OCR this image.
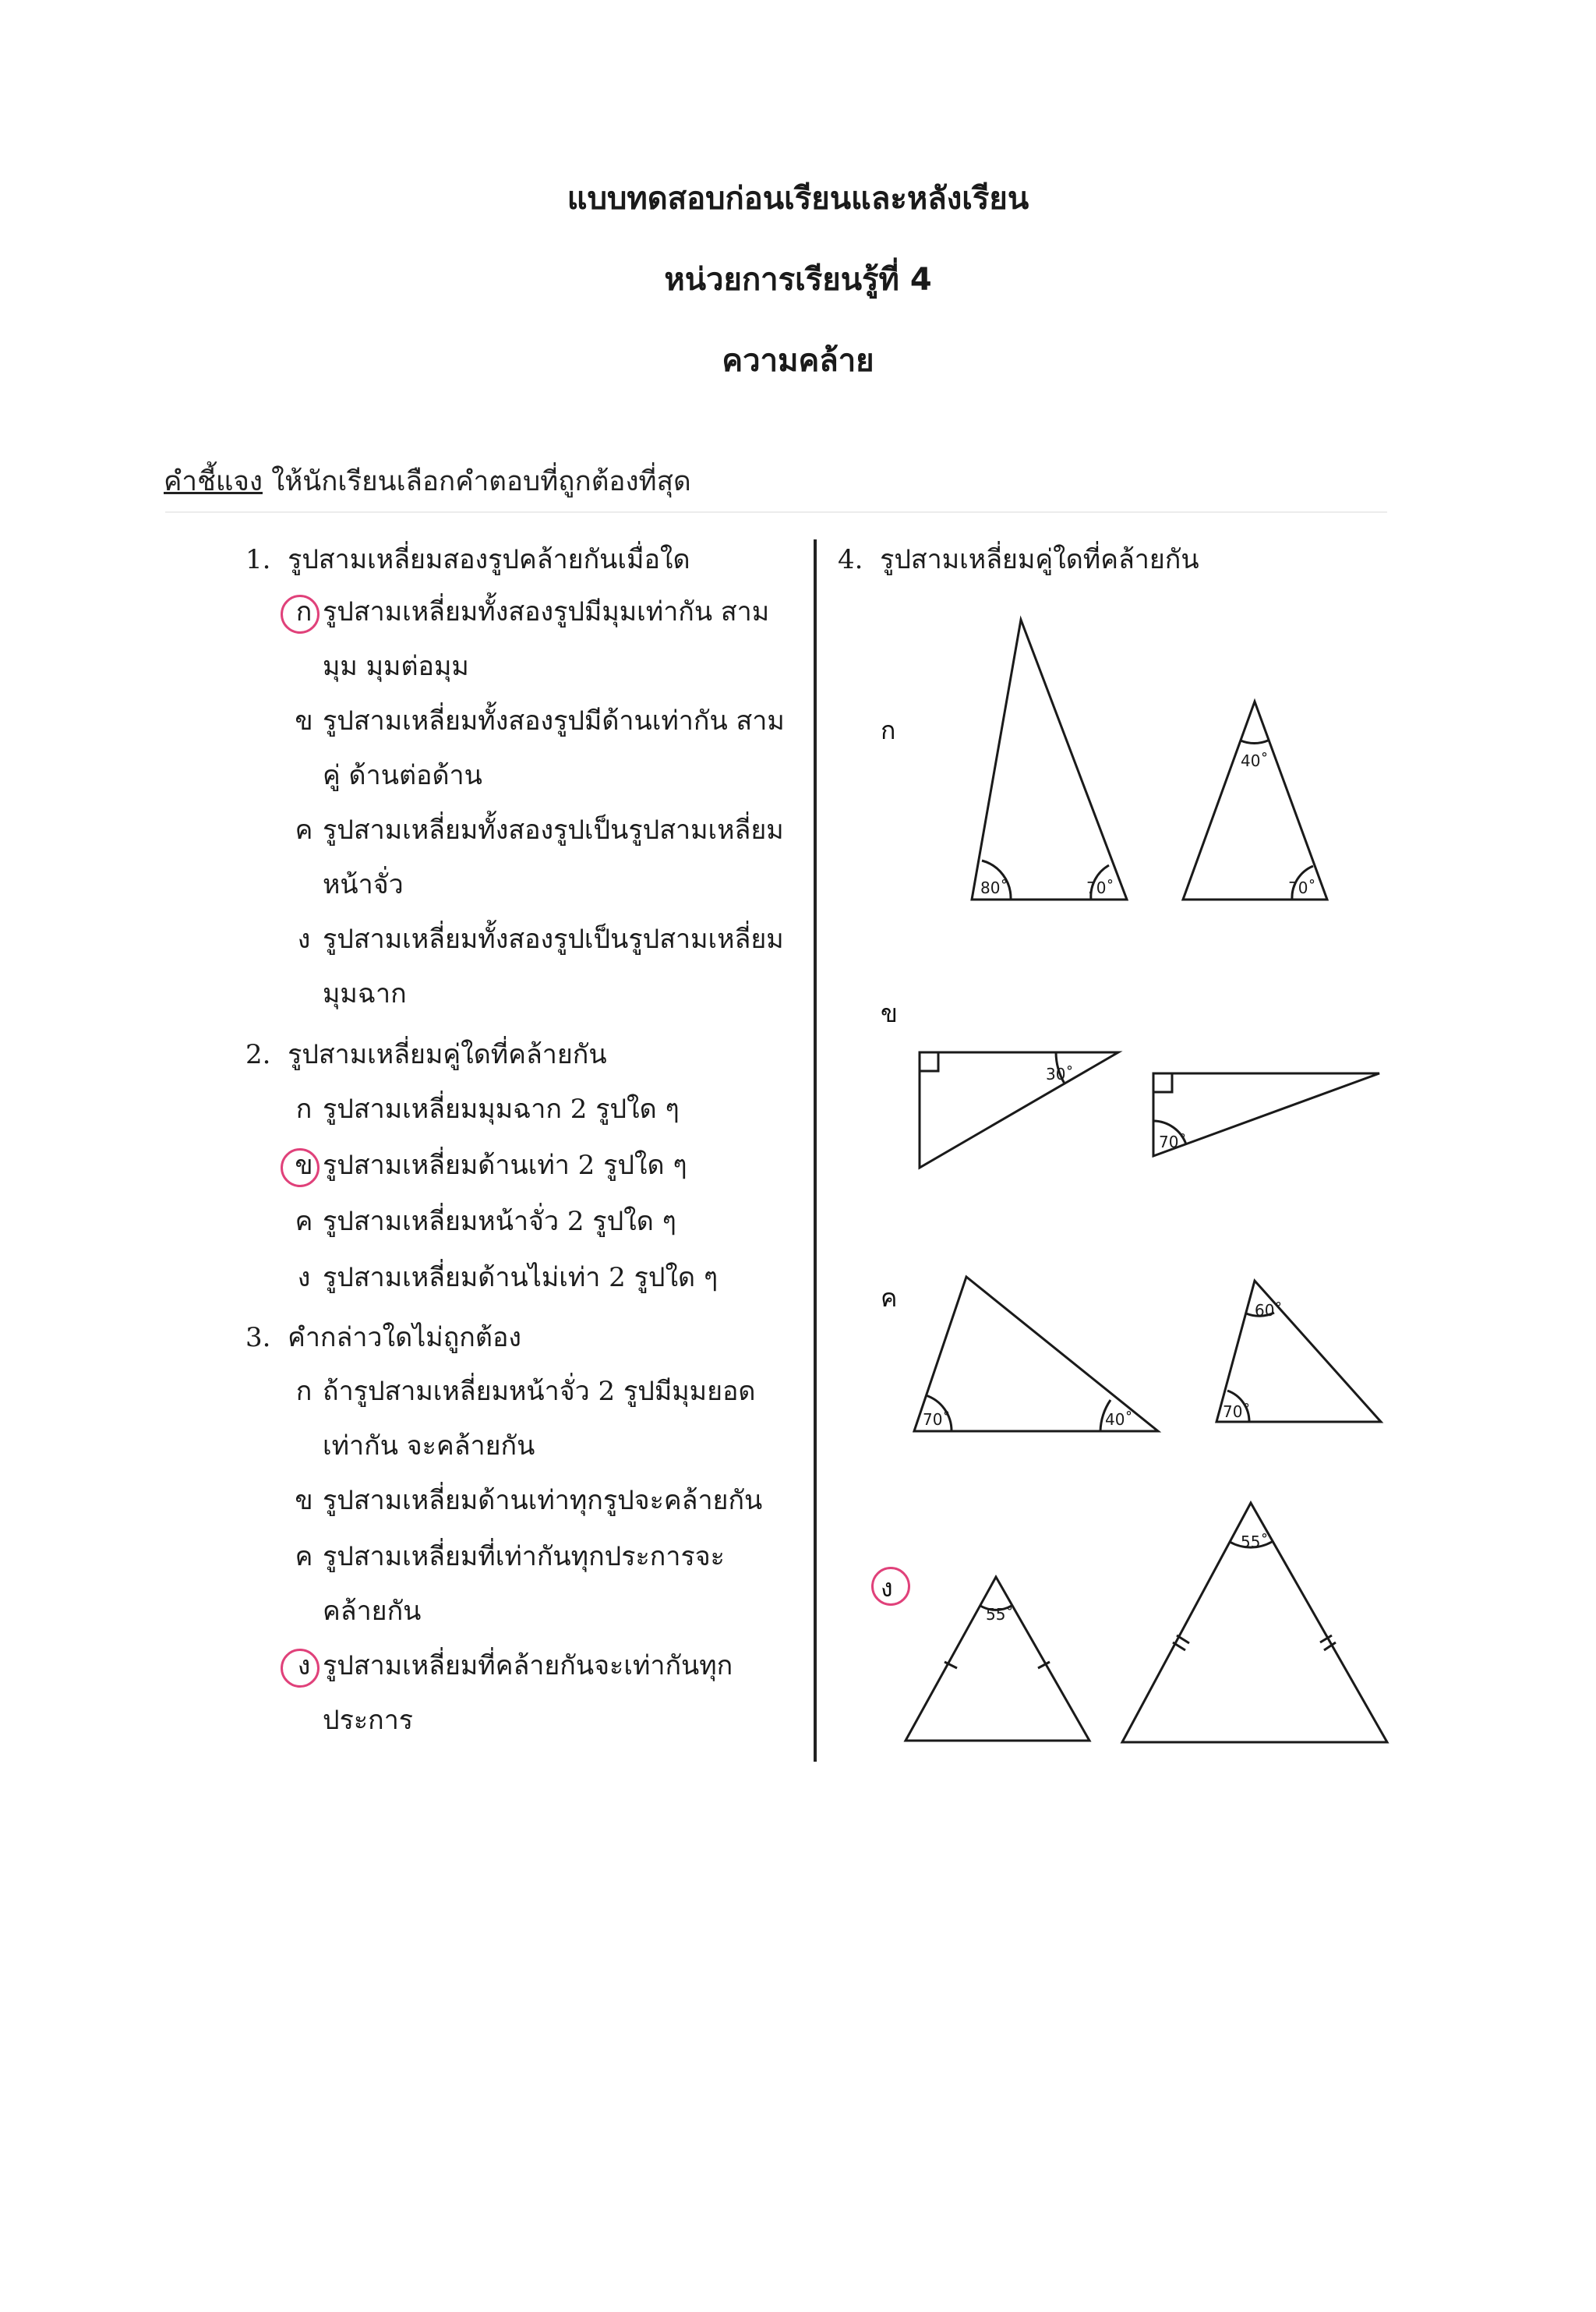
แบบทดสอบก่อนเรียนและหลังเรียน
หน่วยการเรียนรู้ที่ 4
ความคล้าย
คำชี้แจง ให้นักเรียนเลือกคำตอบที่ถูกต้องที่สุด
1. รูปสามเหลี่ยมสองรูปคล้ายกันเมื่อใด
ก รูปสามเหลี่ยมทั้งสองรูปมีมุมเท่ากัน สามมุม มุมต่อมุม
ข รูปสามเหลี่ยมทั้งสองรูปมีด้านเท่ากัน สามคู่ ด้านต่อด้าน
ค รูปสามเหลี่ยมทั้งสองรูปเป็นรูปสามเหลี่ยม หน้าจั่ว
ง รูปสามเหลี่ยมทั้งสองรูปเป็นรูปสามเหลี่ยม มุมฉาก
2. รูปสามเหลี่ยมคู่ใดที่คล้ายกัน
ก รูปสามเหลี่ยมมุมฉาก 2 รูปใด ๆ
ข รูปสามเหลี่ยมด้านเท่า 2 รูปใด ๆ
ค รูปสามเหลี่ยมหน้าจั่ว 2 รูปใด ๆ
ง รูปสามเหลี่ยมด้านไม่เท่า 2 รูปใด ๆ
3. คำกล่าวใดไม่ถูกต้อง
ก ถ้ารูปสามเหลี่ยมหน้าจั่ว 2 รูปมีมุมยอด เท่ากัน จะคล้ายกัน
ข รูปสามเหลี่ยมด้านเท่าทุกรูปจะคล้ายกัน
ค รูปสามเหลี่ยมที่เท่ากันทุกประการจะ คล้ายกัน
ง รูปสามเหลี่ยมที่คล้ายกันจะเท่ากันทุก ประการ
4. รูปสามเหลี่ยมคู่ใดที่คล้ายกัน
ก
ข
ค
ง
80˚	70˚
40˚
70˚
30˚
70˚
70˚	40˚
60˚
70˚
55˚
55˚
